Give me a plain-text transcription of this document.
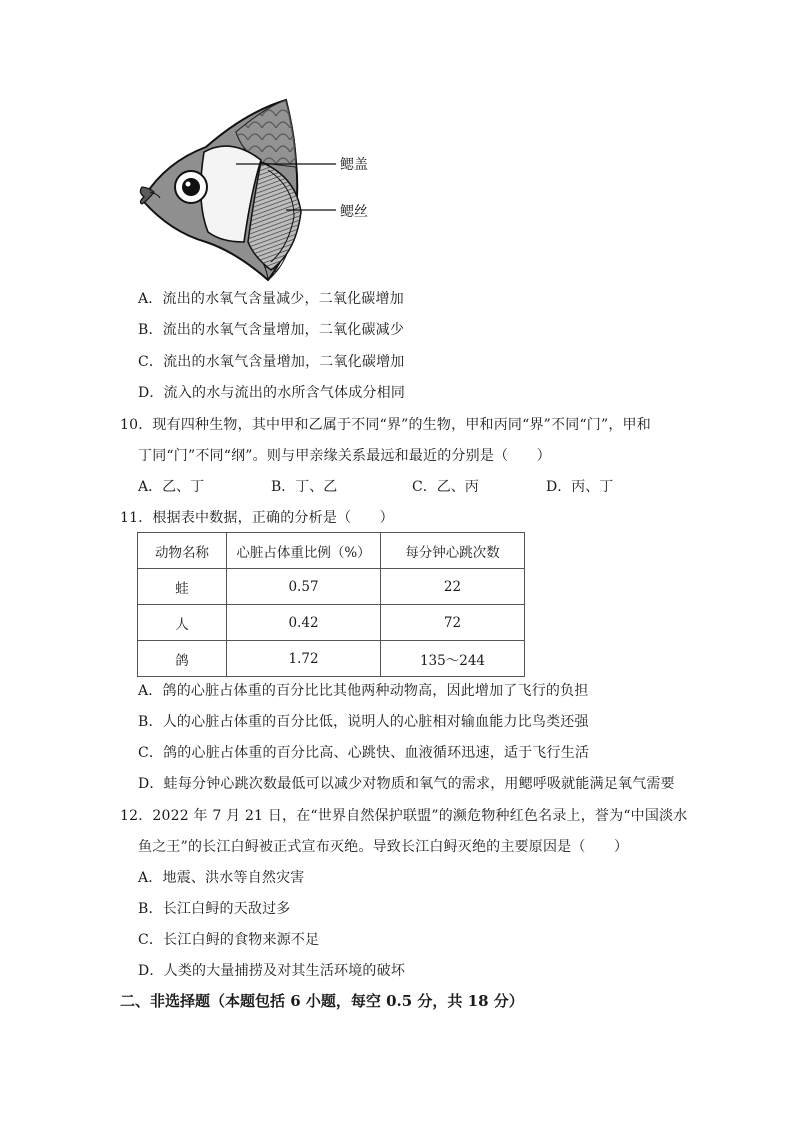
鳃盖
鳃丝
A．流出的水氧气含量减少，二氧化碳增加
B．流出的水氧气含量增加，二氧化碳减少
C．流出的水氧气含量增加，二氧化碳增加
D．流入的水与流出的水所含气体成分相同
10．现有四种生物，其中甲和乙属于不同“界”的生物，甲和丙同“界”不同“门”，甲和
丁同“门”不同“纲”。则与甲亲缘关系最远和最近的分别是（　　）
A．乙、丁	B．丁、乙	C．乙、丙	D．丙、丁
11．根据表中数据，正确的分析是（　　）
动物名称	心脏占体重比例（%）	每分钟心跳次数
蛙	0.57	22
人	0.42	72
鸽	1.72	135～244
A．鸽的心脏占体重的百分比比其他两种动物高，因此增加了飞行的负担
B．人的心脏占体重的百分比低，说明人的心脏相对输血能力比鸟类还强
C．鸽的心脏占体重的百分比高、心跳快、血液循环迅速，适于飞行生活
D．蛙每分钟心跳次数最低可以减少对物质和氧气的需求，用鳃呼吸就能满足氧气需要
12．2022 年 7 月 21 日，在“世界自然保护联盟”的濒危物种红色名录上，誉为“中国淡水
鱼之王”的长江白鲟被正式宣布灭绝。导致长江白鲟灭绝的主要原因是（　　）
A．地震、洪水等自然灾害
B．长江白鲟的天敌过多
C．长江白鲟的食物来源不足
D．人类的大量捕捞及对其生活环境的破坏
二、非选择题（本题包括 6 小题，每空 0.5 分，共 18 分）
